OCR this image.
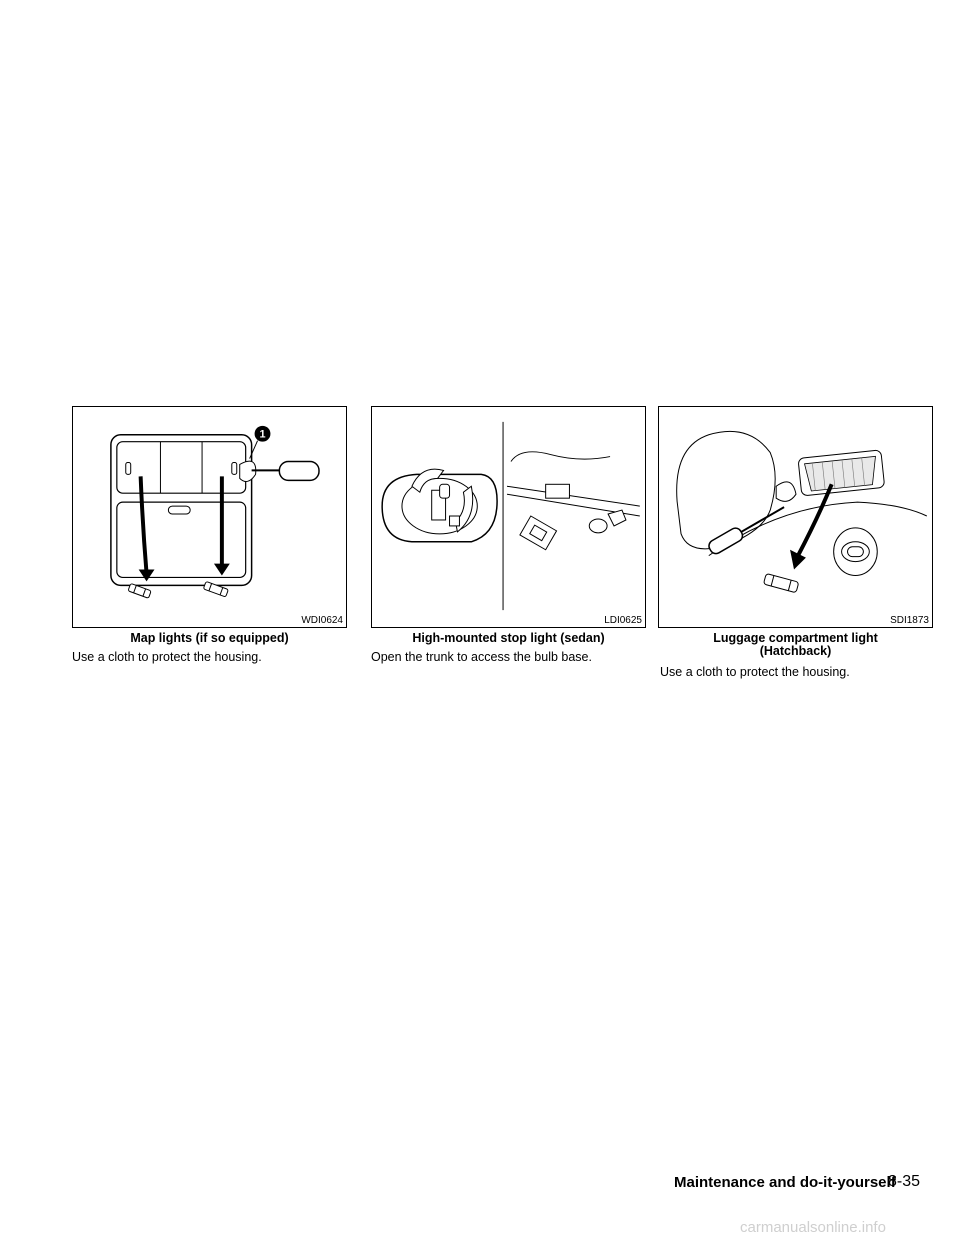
1
WDI0624
Map lights (if so equipped)
Use a cloth to protect the housing.
LDI0625
High-mounted stop light (sedan)
Open the trunk to access the bulb base.
SDI1873
Luggage compartment light
(Hatchback)
Use a cloth to protect the housing.
Maintenance and do-it-yourself
8-35
carmanualsonline.info
